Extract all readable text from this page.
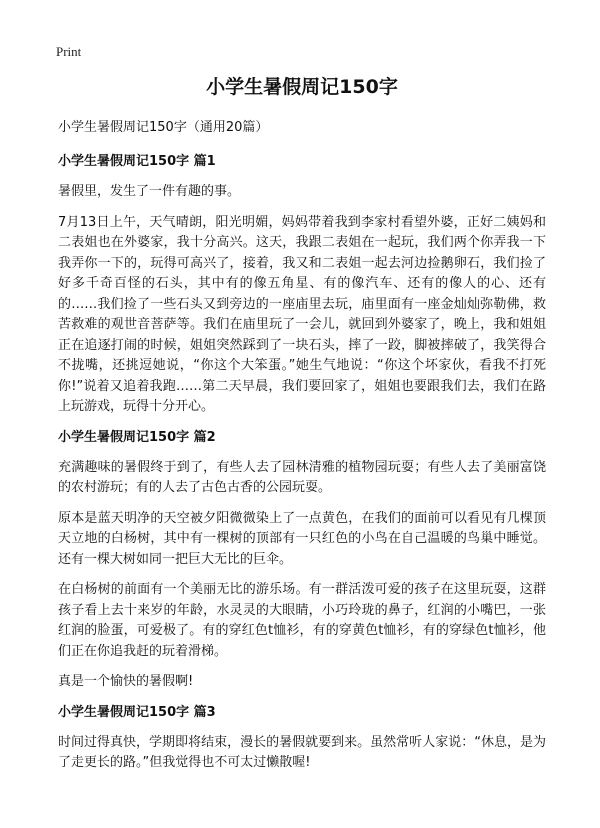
Print
小学生暑假周记150字
小学生暑假周记150字（通用20篇）
小学生暑假周记150字 篇1

暑假里，发生了一件有趣的事。

7月13日上午，天气晴朗，阳光明媚，妈妈带着我到李家村看望外婆，正好二姨妈和二表姐也在外婆家，我十分高兴。这天，我跟二表姐在一起玩，我们两个你弄我一下我弄你一下的，玩得可高兴了，接着，我又和二表姐一起去河边捡鹅卵石，我们捡了好多千奇百怪的石头，其中有的像五角星、有的像汽车、还有的像人的心、还有的……我们捡了一些石头又到旁边的一座庙里去玩，庙里面有一座金灿灿弥勒佛，救苦救难的观世音菩萨等。我们在庙里玩了一会儿，就回到外婆家了，晚上，我和姐姐正在追逐打闹的时候，姐姐突然踩到了一块石头，摔了一跤，脚被摔破了，我笑得合不拢嘴，还挑逗她说，“你这个大笨蛋。”她生气地说：“你这个坏家伙，看我不打死你!”说着又追着我跑……第二天早晨，我们要回家了，姐姐也要跟我们去，我们在路上玩游戏，玩得十分开心。

小学生暑假周记150字 篇2

充满趣味的暑假终于到了，有些人去了园林清雅的植物园玩耍；有些人去了美丽富饶的农村游玩；有的人去了古色古香的公园玩耍。

原本是蓝天明净的天空被夕阳微微染上了一点黄色，在我们的面前可以看见有几棵顶天立地的白杨树，其中有一棵树的顶部有一只红色的小鸟在自己温暖的鸟巢中睡觉。还有一棵大树如同一把巨大无比的巨伞。

在白杨树的前面有一个美丽无比的游乐场。有一群活泼可爱的孩子在这里玩耍，这群孩子看上去十来岁的年龄，水灵灵的大眼睛，小巧玲珑的鼻子，红润的小嘴巴，一张红润的脸蛋，可爱极了。有的穿红色t恤衫，有的穿黄色t恤衫，有的穿绿色t恤衫，他们正在你追我赶的玩着滑梯。

真是一个愉快的暑假啊!

小学生暑假周记150字 篇3

时间过得真快，学期即将结束，漫长的暑假就要到来。虽然常听人家说：“休息，是为了走更长的路。”但我觉得也不可太过懒散喔!
